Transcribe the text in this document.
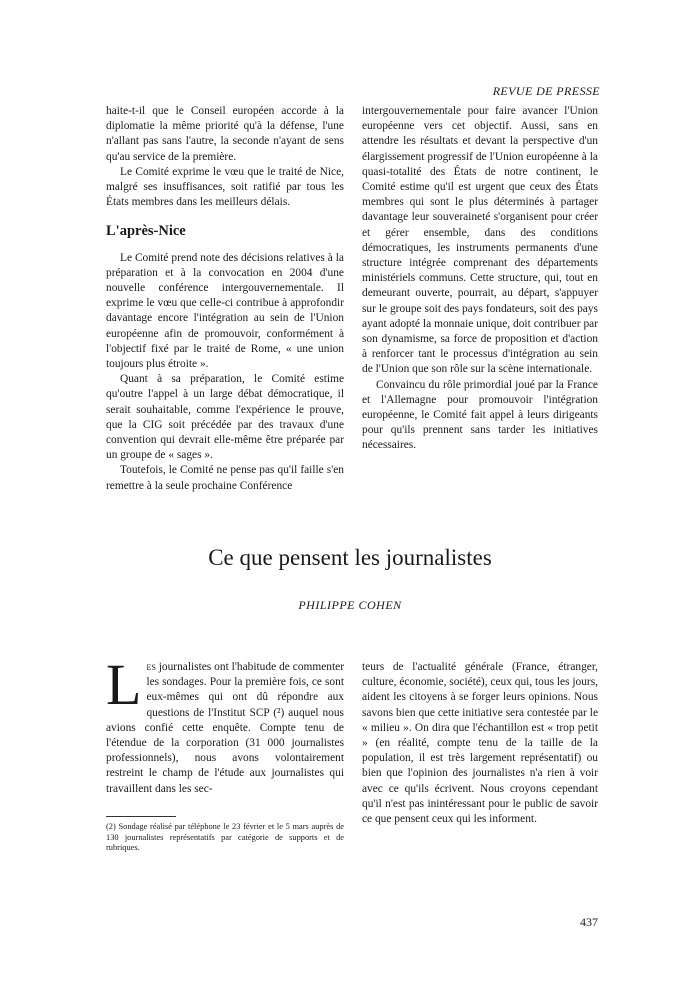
REVUE DE PRESSE

haite-t-il que le Conseil européen accorde à la diplomatie la même priorité qu'à la défense, l'une n'allant pas sans l'autre, la seconde n'ayant de sens qu'au service de la première.

Le Comité exprime le vœu que le traité de Nice, malgré ses insuffisances, soit ratifié par tous les États membres dans les meilleurs délais.

L'après-Nice

Le Comité prend note des décisions relatives à la préparation et à la convocation en 2004 d'une nouvelle conférence intergouvernementale. Il exprime le vœu que celle-ci contribue à approfondir davantage encore l'intégration au sein de l'Union européenne afin de promouvoir, conformément à l'objectif fixé par le traité de Rome, « une union toujours plus étroite ».

Quant à sa préparation, le Comité estime qu'outre l'appel à un large débat démocratique, il serait souhaitable, comme l'expérience le prouve, que la CIG soit précédée par des travaux d'une convention qui devrait elle-même être préparée par un groupe de « sages ».

Toutefois, le Comité ne pense pas qu'il faille s'en remettre à la seule prochaine Conférence

intergouvernementale pour faire avancer l'Union européenne vers cet objectif. Aussi, sans en attendre les résultats et devant la perspective d'un élargissement progressif de l'Union européenne à la quasi-totalité des États de notre continent, le Comité estime qu'il est urgent que ceux des États membres qui sont le plus déterminés à partager davantage leur souveraineté s'organisent pour créer et gérer ensemble, dans des conditions démocratiques, les instruments permanents d'une structure intégrée comprenant des départements ministériels communs. Cette structure, qui, tout en demeurant ouverte, pourrait, au départ, s'appuyer sur le groupe soit des pays fondateurs, soit des pays ayant adopté la monnaie unique, doit contribuer par son dynamisme, sa force de proposition et d'action à renforcer tant le processus d'intégration au sein de l'Union que son rôle sur la scène internationale.

Convaincu du rôle primordial joué par la France et l'Allemagne pour promouvoir l'intégration européenne, le Comité fait appel à leurs dirigeants pour qu'ils prennent sans tarder les initiatives nécessaires.

Ce que pensent les journalistes
PHILIPPE COHEN

Les journalistes ont l'habitude de commenter les sondages. Pour la première fois, ce sont eux-mêmes qui ont dû répondre aux questions de l'Institut SCP (²) auquel nous avions confié cette enquête. Compte tenu de l'étendue de la corporation (31 000 journalistes professionnels), nous avons volontairement restreint le champ de l'étude aux journalistes qui travaillent dans les sec-

teurs de l'actualité générale (France, étranger, culture, économie, société), ceux qui, tous les jours, aident les citoyens à se forger leurs opinions. Nous savons bien que cette initiative sera contestée par le « milieu ». On dira que l'échantillon est « trop petit » (en réalité, compte tenu de la taille de la population, il est très largement représentatif) ou bien que l'opinion des journalistes n'a rien à voir avec ce qu'ils écrivent. Nous croyons cependant qu'il n'est pas inintéressant pour le public de savoir ce que pensent ceux qui les informent.

(2) Sondage réalisé par téléphone le 23 février et le 5 mars auprès de 130 journalistes représentatifs par catégorie de supports et de rubriques.
437
